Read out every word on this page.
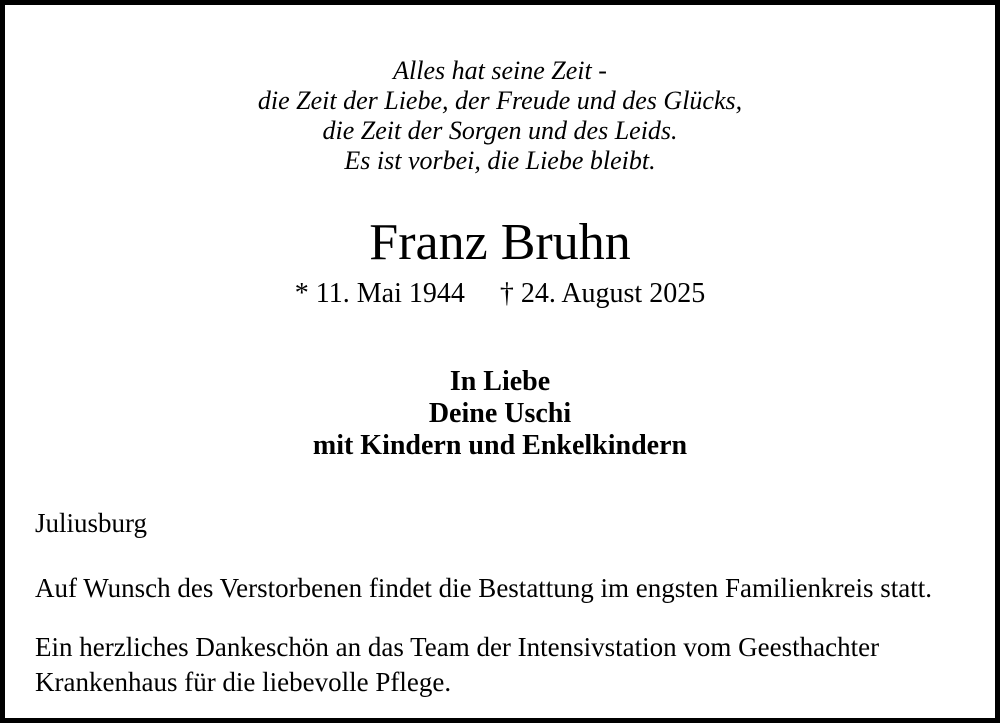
Alles hat seine Zeit -
die Zeit der Liebe, der Freude und des Glücks,
die Zeit der Sorgen und des Leids.
Es ist vorbei, die Liebe bleibt.
Franz Bruhn
* 11. Mai 1944 † 24. August 2025
In Liebe
Deine Uschi
mit Kindern und Enkelkindern
Juliusburg
Auf Wunsch des Verstorbenen findet die Bestattung im engsten Familienkreis statt.
Ein herzliches Dankeschön an das Team der Intensivstation vom Geesthachter
Krankenhaus für die liebevolle Pflege.
